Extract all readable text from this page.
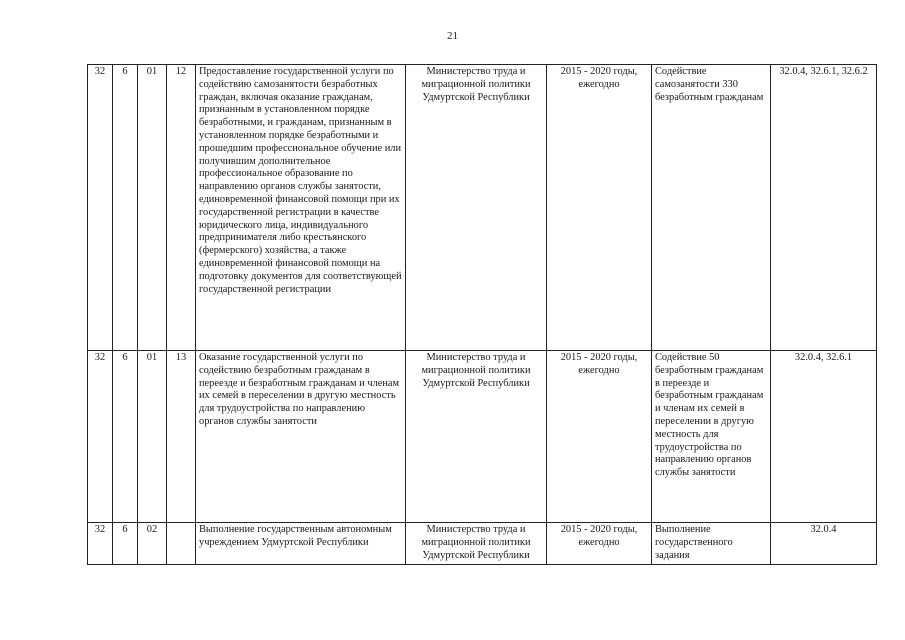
21
32	6	01	12	Предоставление государственной услуги по содействию самозанятости безработных граждан, включая оказание гражданам, признанным в установленном порядке безработными, и гражданам, признанным в установленном порядке безработными и прошедшим профессиональное обучение или получившим дополнительное профессиональное образование по направлению органов службы занятости, единовременной финансовой помощи при их государственной регистрации в качестве юридического лица, индивидуального предпринимателя либо крестьянского (фермерского) хозяйства, а также единовременной финансовой помощи на подготовку документов для соответствующей государственной регистрации	Министерство труда и миграционной политики Удмуртской Республики	2015 - 2020 годы, ежегодно	Содействие самозанятости 330 безработным гражданам	32.0.4, 32.6.1, 32.6.2
32	6	01	13	Оказание государственной услуги по содействию безработным гражданам в переезде и безработным гражданам и членам их семей в переселении в другую местность для трудоустройства по направлению органов службы занятости	Министерство труда и миграционной политики Удмуртской Республики	2015 - 2020 годы, ежегодно	Содействие 50 безработным гражданам в переезде и безработным гражданам и членам их семей в переселении в другую местность для трудоустройства по направлению органов службы занятости	32.0.4, 32.6.1
32	6	02		Выполнение государственным автономным учреждением Удмуртской Республики	Министерство труда и миграционной политики Удмуртской Республики	2015 - 2020 годы, ежегодно	Выполнение государственного задания	32.0.4
